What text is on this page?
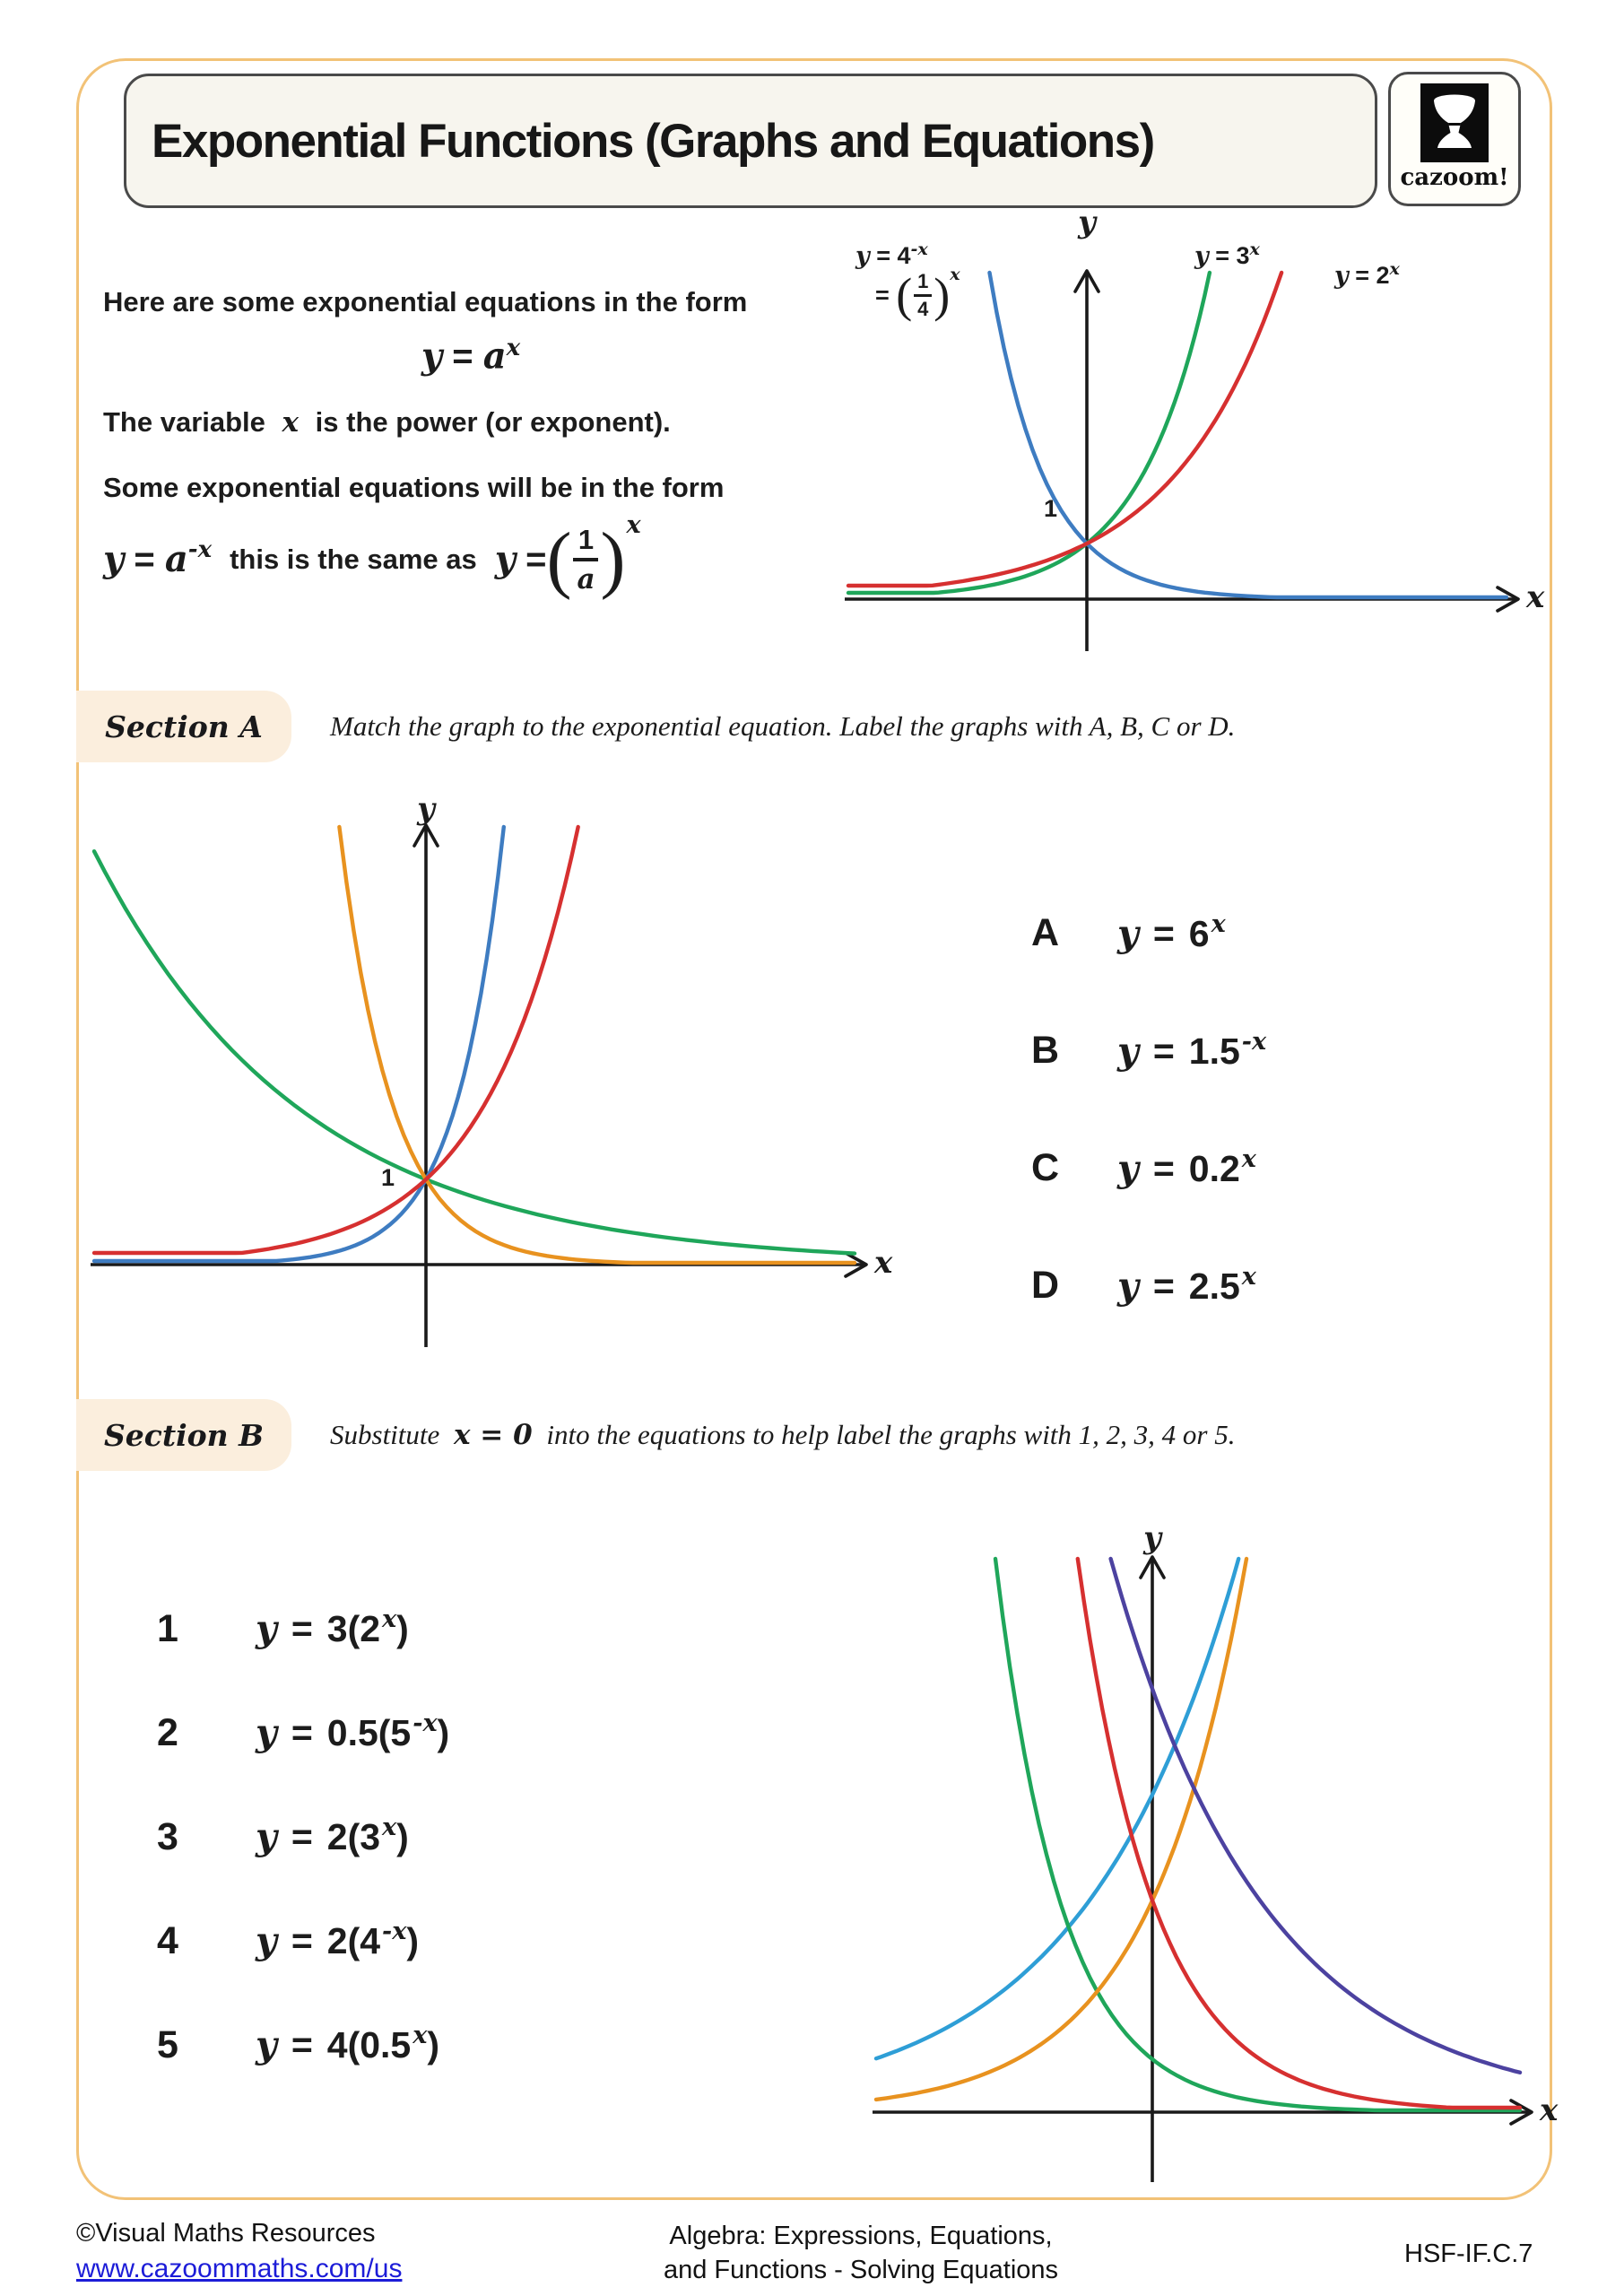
Exponential Functions (Graphs and Equations)
cazoom!

Here are some exponential equations in the form

$y = a^x$

The variable x is the power (or exponent).

Some exponential equations will be in the form

$y = a^{-x}$ this is the same as y = ( $\frac{1}{a}$ ) x
y
x
1
$y = 4^{-x}$
=
( $\frac{1}{4}$ ) x
$y = 3^x$
$y = 2^x$
Section A	Match the graph to the exponential equation. Label the graphs with A, B, C or D.
y
x
1
A	$y = 6^x$
B	$y = 1.5^{-x}$
C	$y = 0.2^x$
D	$y = 2.5^x$
Section B	Substitute x = 0 into the equations to help label the graphs with 1, 2, 3, 4 or 5.
1	$y = 3(2^x)$
2	$y = 0.5(5^{-x})$
3	$y = 2(3^x)$
4	$y = 2(4^{-x})$
5	$y = 4(0.5^x)$
y
x
©Visual Maths Resources
www.cazoommaths.com/us
Algebra: Expressions, Equations,
and Functions - Solving Equations
HSF-IF.C.7
